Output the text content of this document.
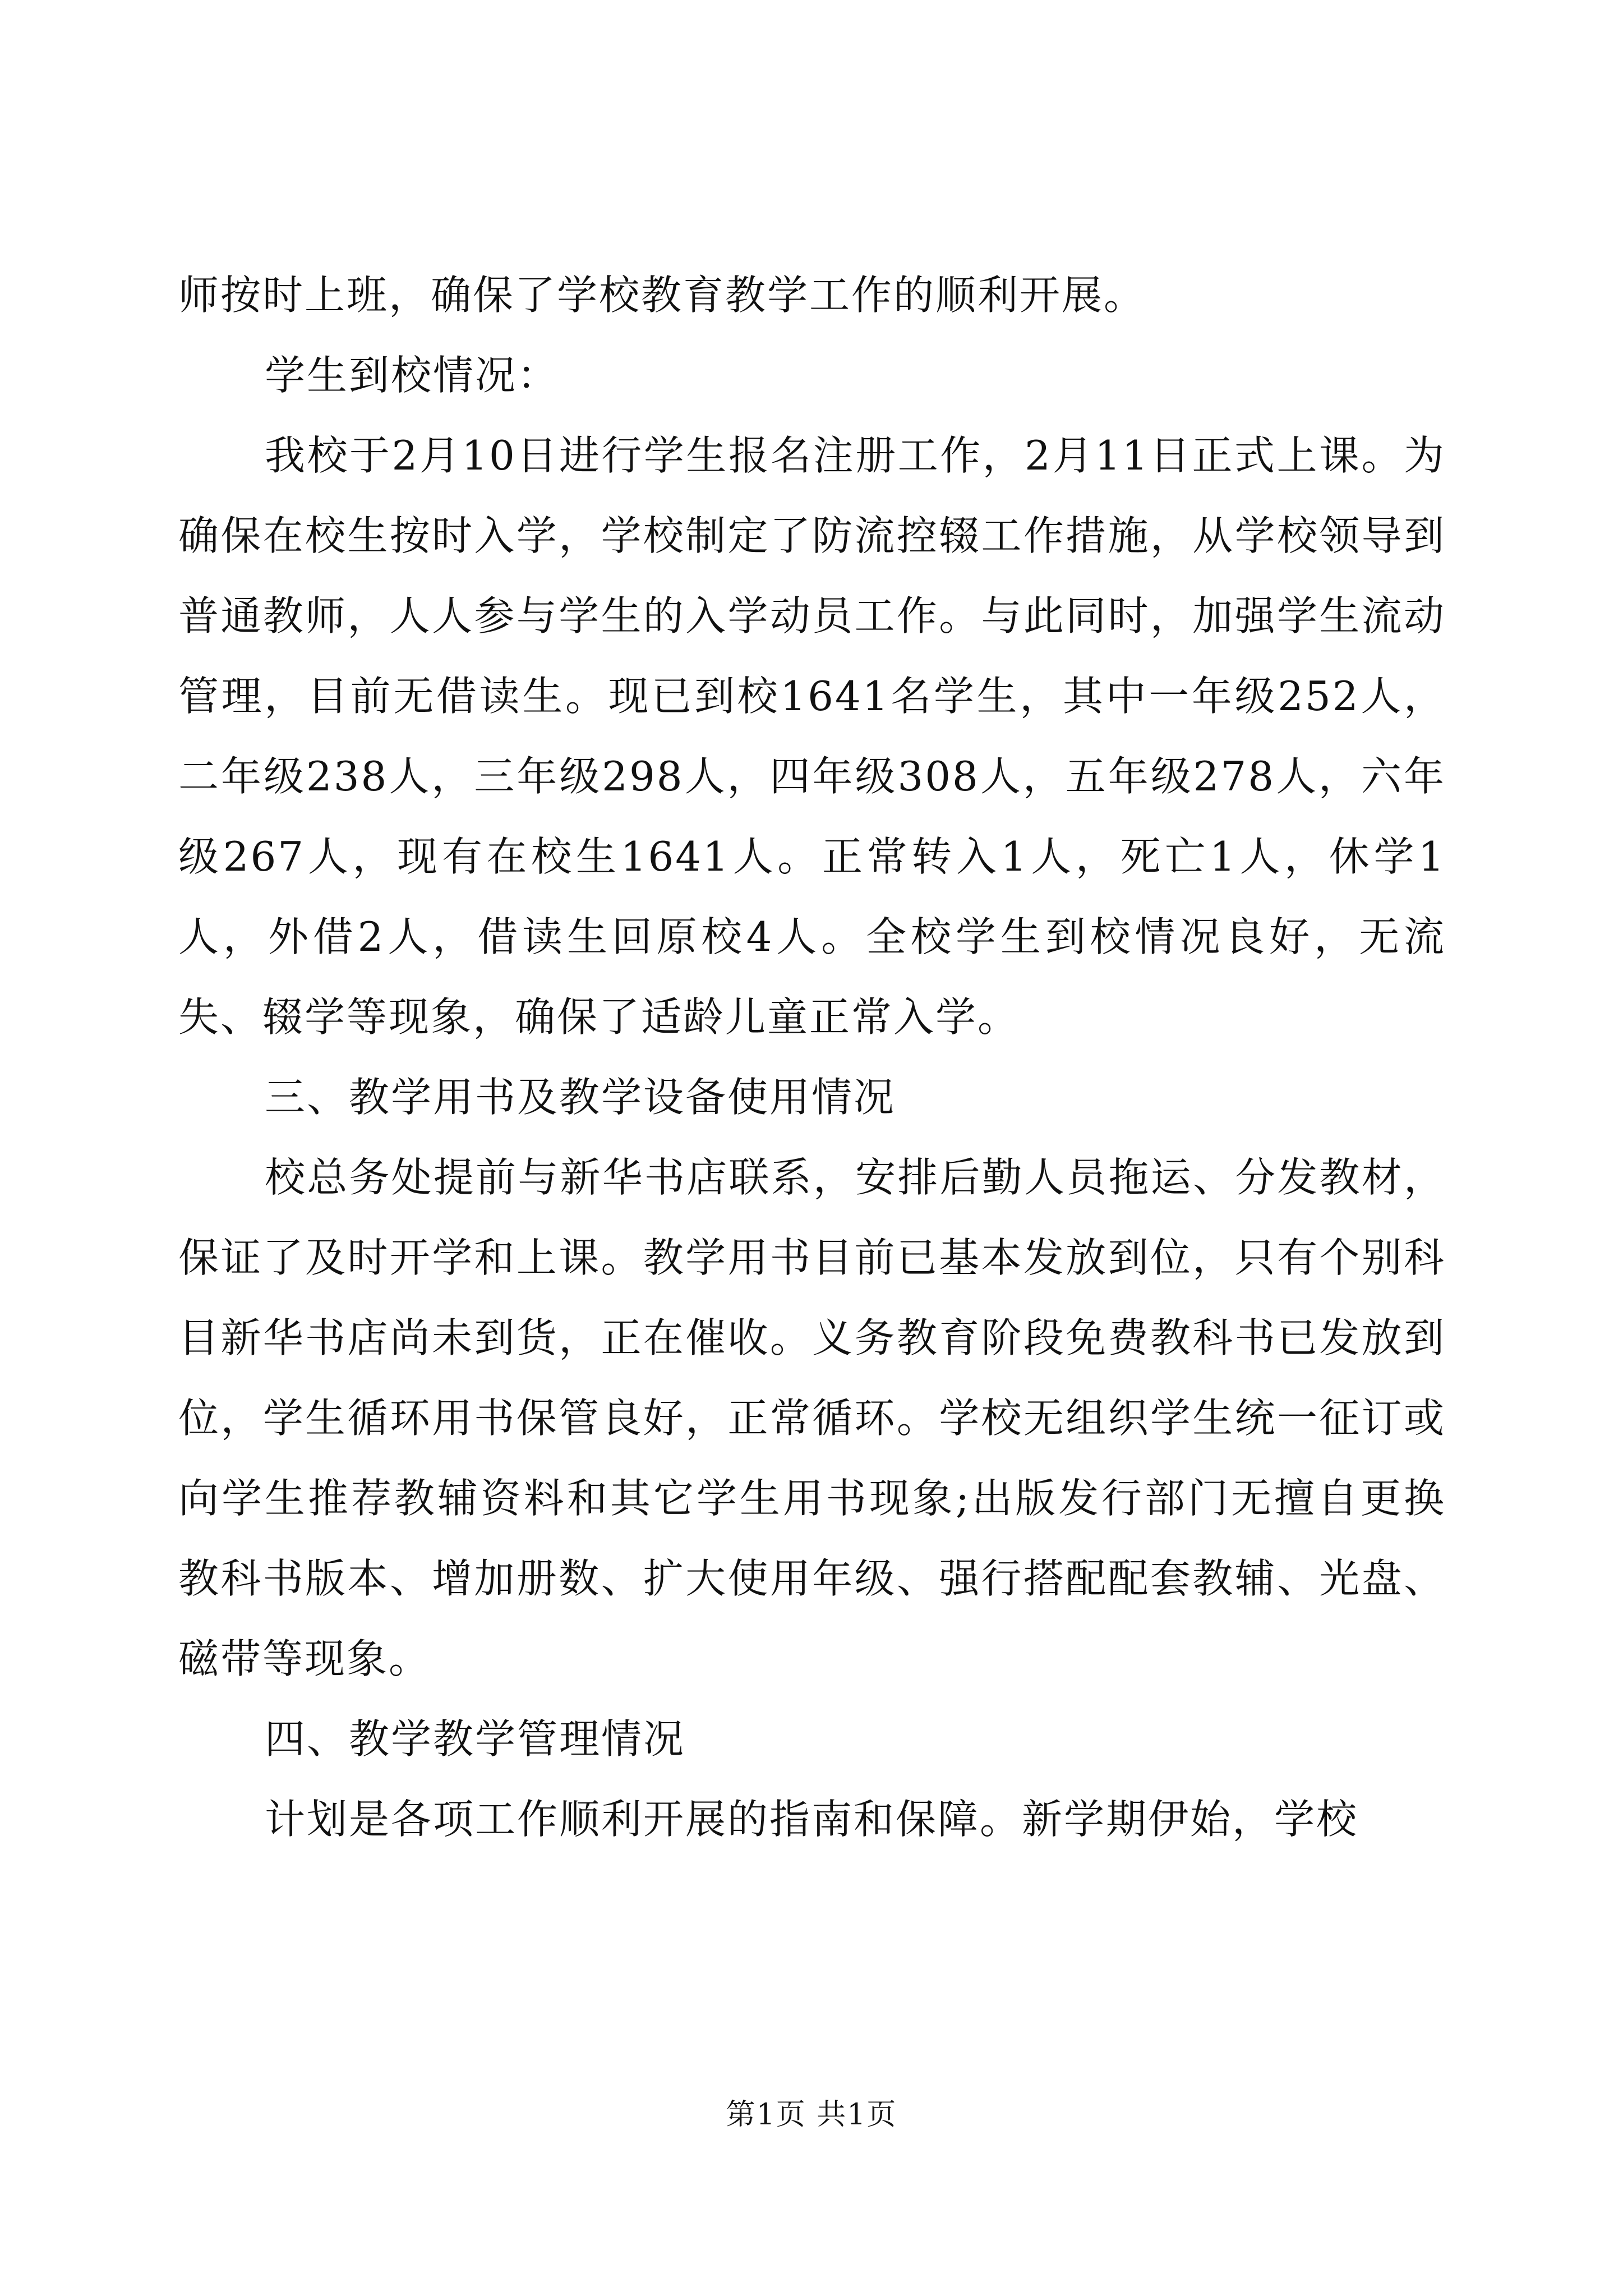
师按时上班，确保了学校教育教学工作的顺利开展。

学生到校情况：

我校于2月10日进行学生报名注册工作，2月11日正式上课。为确保在校生按时入学，学校制定了防流控辍工作措施，从学校领导到普通教师，人人参与学生的入学动员工作。与此同时，加强学生流动管理，目前无借读生。现已到校1641名学生，其中一年级252人，二年级238人，三年级298人，四年级308人，五年级278人，六年级267人，现有在校生1641人。正常转入1人，死亡1人，休学1人，外借2人，借读生回原校4人。全校学生到校情况良好，无流失、辍学等现象，确保了适龄儿童正常入学。

三、教学用书及教学设备使用情况

校总务处提前与新华书店联系，安排后勤人员拖运、分发教材，保证了及时开学和上课。教学用书目前已基本发放到位，只有个别科目新华书店尚未到货，正在催收。义务教育阶段免费教科书已发放到位，学生循环用书保管良好，正常循环。学校无组织学生统一征订或向学生推荐教辅资料和其它学生用书现象;出版发行部门无擅自更换教科书版本、增加册数、扩大使用年级、强行搭配配套教辅、光盘、磁带等现象。

四、教学教学管理情况

计划是各项工作顺利开展的指南和保障。新学期伊始，学校

第1页 共1页
